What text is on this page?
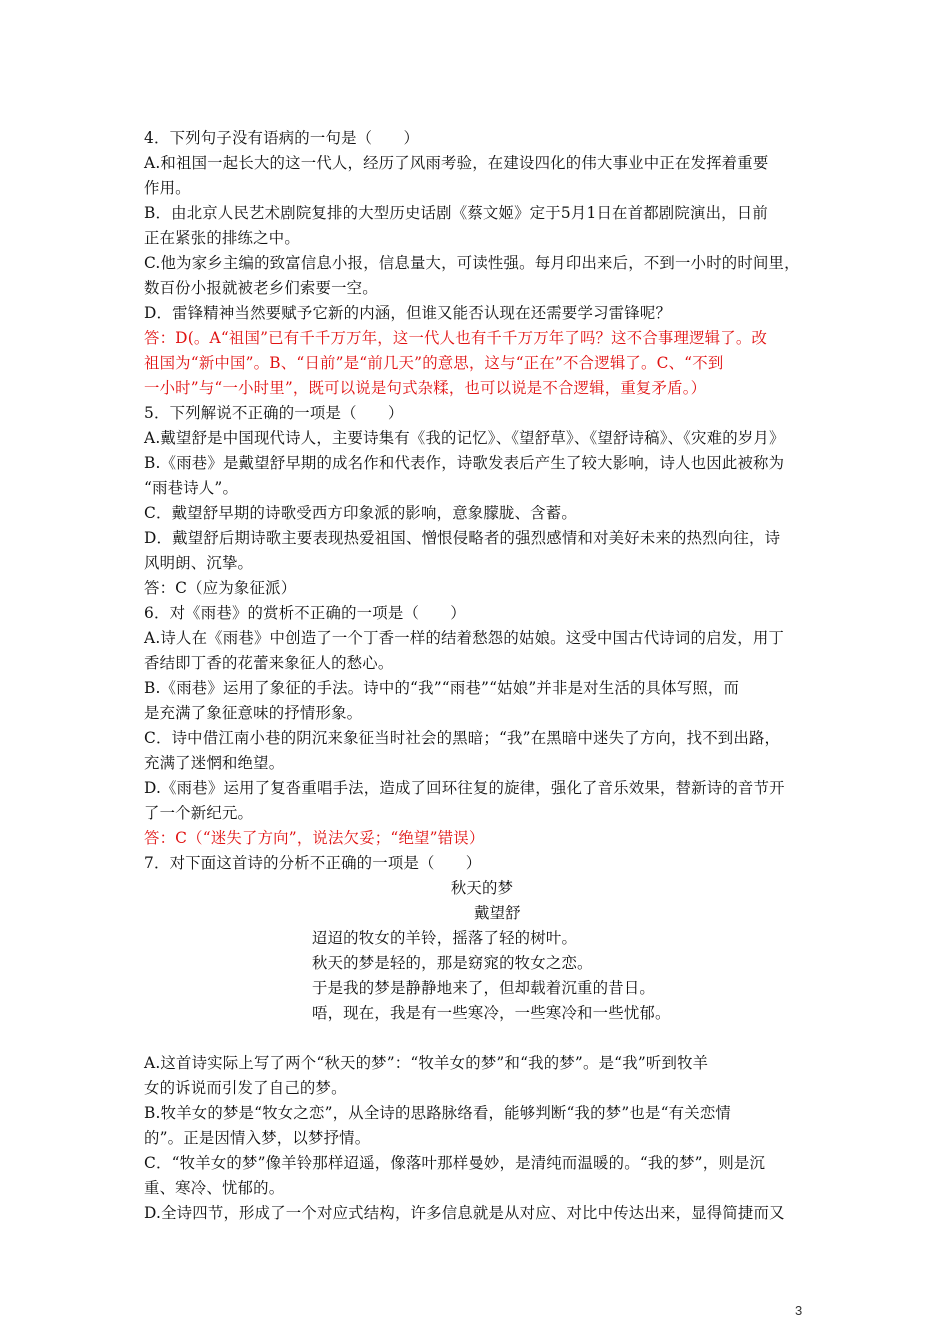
4．下列句子没有语病的一句是（　　）
A.和祖国一起长大的这一代人，经历了风雨考验，在建设四化的伟大事业中正在发挥着重要
作用。
B．由北京人民艺术剧院复排的大型历史话剧《蔡文姬》定于5月1日在首都剧院演出，日前
正在紧张的排练之中。
C.他为家乡主编的致富信息小报，信息量大，可读性强。每月印出来后，不到一小时的时间里，
数百份小报就被老乡们索要一空。
D．雷锋精神当然要赋予它新的内涵，但谁又能否认现在还需要学习雷锋呢？
答：D(。A“祖国”已有千千万万年，这一代人也有千千万万年了吗？这不合事理逻辑了。改
祖国为“新中国”。B、“日前”是“前几天”的意思，这与“正在”不合逻辑了。C、“不到
一小时”与“一小时里”，既可以说是句式杂糅，也可以说是不合逻辑，重复矛盾。）
5．下列解说不正确的一项是（　　）
A.戴望舒是中国现代诗人，主要诗集有《我的记忆》、《望舒草》、《望舒诗稿》、《灾难的岁月》
B.《雨巷》是戴望舒早期的成名作和代表作，诗歌发表后产生了较大影响，诗人也因此被称为
“雨巷诗人”。
C．戴望舒早期的诗歌受西方印象派的影响，意象朦胧、含蓄。
D．戴望舒后期诗歌主要表现热爱祖国、憎恨侵略者的强烈感情和对美好未来的热烈向往，诗
风明朗、沉挚。
答：C（应为象征派）
6．对《雨巷》的赏析不正确的一项是（　　）
A.诗人在《雨巷》中创造了一个丁香一样的结着愁怨的姑娘。这受中国古代诗词的启发，用丁
香结即丁香的花蕾来象征人的愁心。
B.《雨巷》运用了象征的手法。诗中的“我”“雨巷”“姑娘”并非是对生活的具体写照，而
是充满了象征意味的抒情形象。
C．诗中借江南小巷的阴沉来象征当时社会的黑暗；“我”在黑暗中迷失了方向，找不到出路，
充满了迷惘和绝望。
D.《雨巷》运用了复沓重唱手法，造成了回环往复的旋律，强化了音乐效果，替新诗的音节开
了一个新纪元。
答：C（“迷失了方向”，说法欠妥；“绝望”错误）
7．对下面这首诗的分析不正确的一项是（　　）
秋天的梦
戴望舒
迢迢的牧女的羊铃，摇落了轻的树叶。
秋天的梦是轻的，那是窈窕的牧女之恋。
于是我的梦是静静地来了，但却载着沉重的昔日。
唔，现在，我是有一些寒冷，一些寒冷和一些忧郁。
A.这首诗实际上写了两个“秋天的梦”：“牧羊女的梦”和“我的梦”。是“我”听到牧羊
女的诉说而引发了自己的梦。
B.牧羊女的梦是“牧女之恋”，从全诗的思路脉络看，能够判断“我的梦”也是“有关恋情
的”。正是因情入梦，以梦抒情。
C．“牧羊女的梦”像羊铃那样迢遥，像落叶那样曼妙，是清纯而温暖的。“我的梦”，则是沉
重、寒冷、忧郁的。
D.全诗四节，形成了一个对应式结构，许多信息就是从对应、对比中传达出来，显得简捷而又
3
